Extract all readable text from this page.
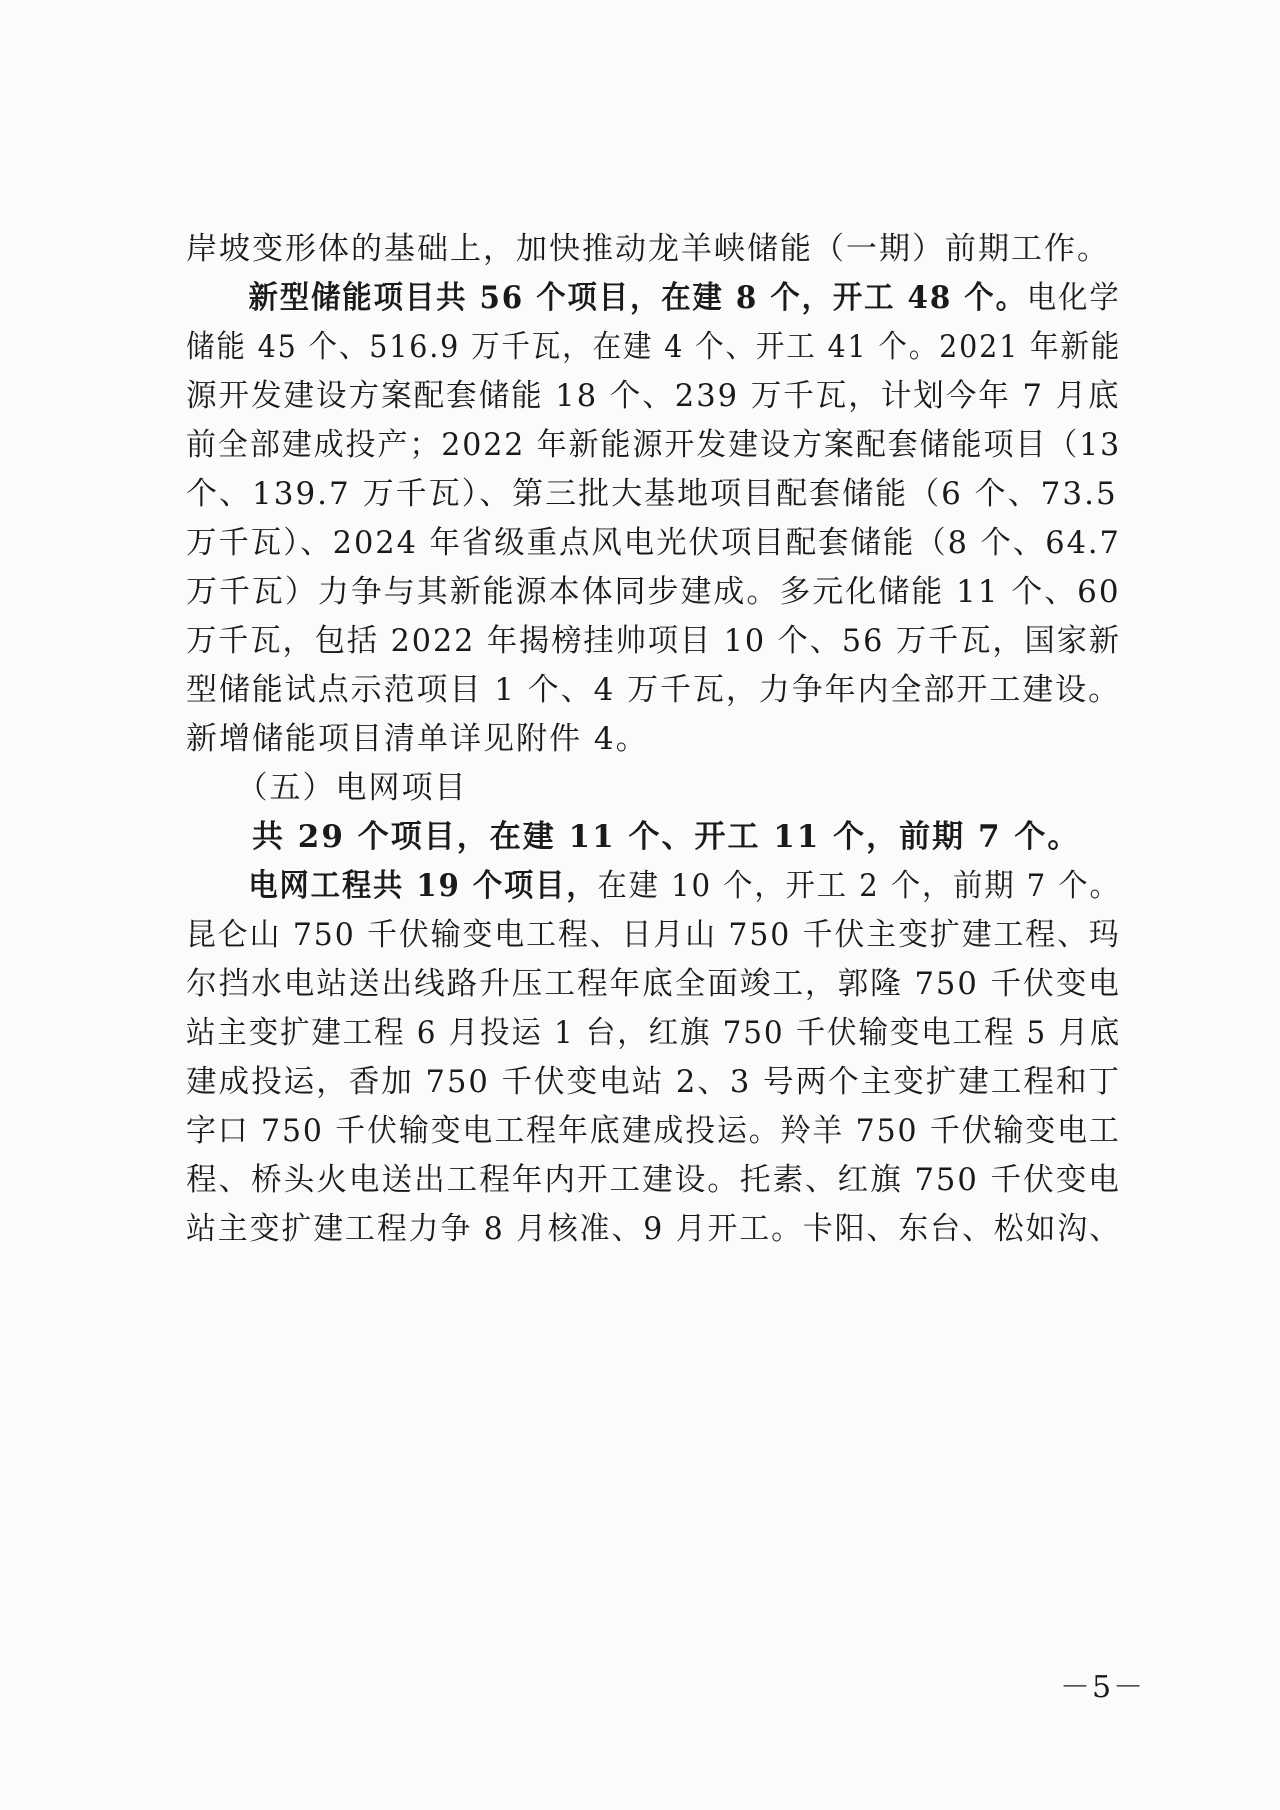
岸坡变形体的基础上，加快推动龙羊峡储能（一期）前期工作。
　　新型储能项目共 56 个项目，在建 8 个，开工 48 个。电化学
储能 45 个、516.9 万千瓦，在建 4 个、开工 41 个。2021 年新能
源开发建设方案配套储能 18 个、239 万千瓦，计划今年 7 月底
前全部建成投产；2022 年新能源开发建设方案配套储能项目（13
个、139.7 万千瓦）、第三批大基地项目配套储能（6 个、73.5
万千瓦）、2024 年省级重点风电光伏项目配套储能（8 个、64.7
万千瓦）力争与其新能源本体同步建成。多元化储能 11 个、60
万千瓦，包括 2022 年揭榜挂帅项目 10 个、56 万千瓦，国家新
型储能试点示范项目 1 个、4 万千瓦，力争年内全部开工建设。
新增储能项目清单详见附件 4。
　　（五）电网项目
　　共 29 个项目，在建 11 个、开工 11 个，前期 7 个。
　　电网工程共 19 个项目，在建 10 个，开工 2 个，前期 7 个。
昆仑山 750 千伏输变电工程、日月山 750 千伏主变扩建工程、玛
尔挡水电站送出线路升压工程年底全面竣工，郭隆 750 千伏变电
站主变扩建工程 6 月投运 1 台，红旗 750 千伏输变电工程 5 月底
建成投运，香加 750 千伏变电站 2、3 号两个主变扩建工程和丁
字口 750 千伏输变电工程年底建成投运。羚羊 750 千伏输变电工
程、桥头火电送出工程年内开工建设。托素、红旗 750 千伏变电
站主变扩建工程力争 8 月核准、9 月开工。卡阳、东台、松如沟、
－5－
